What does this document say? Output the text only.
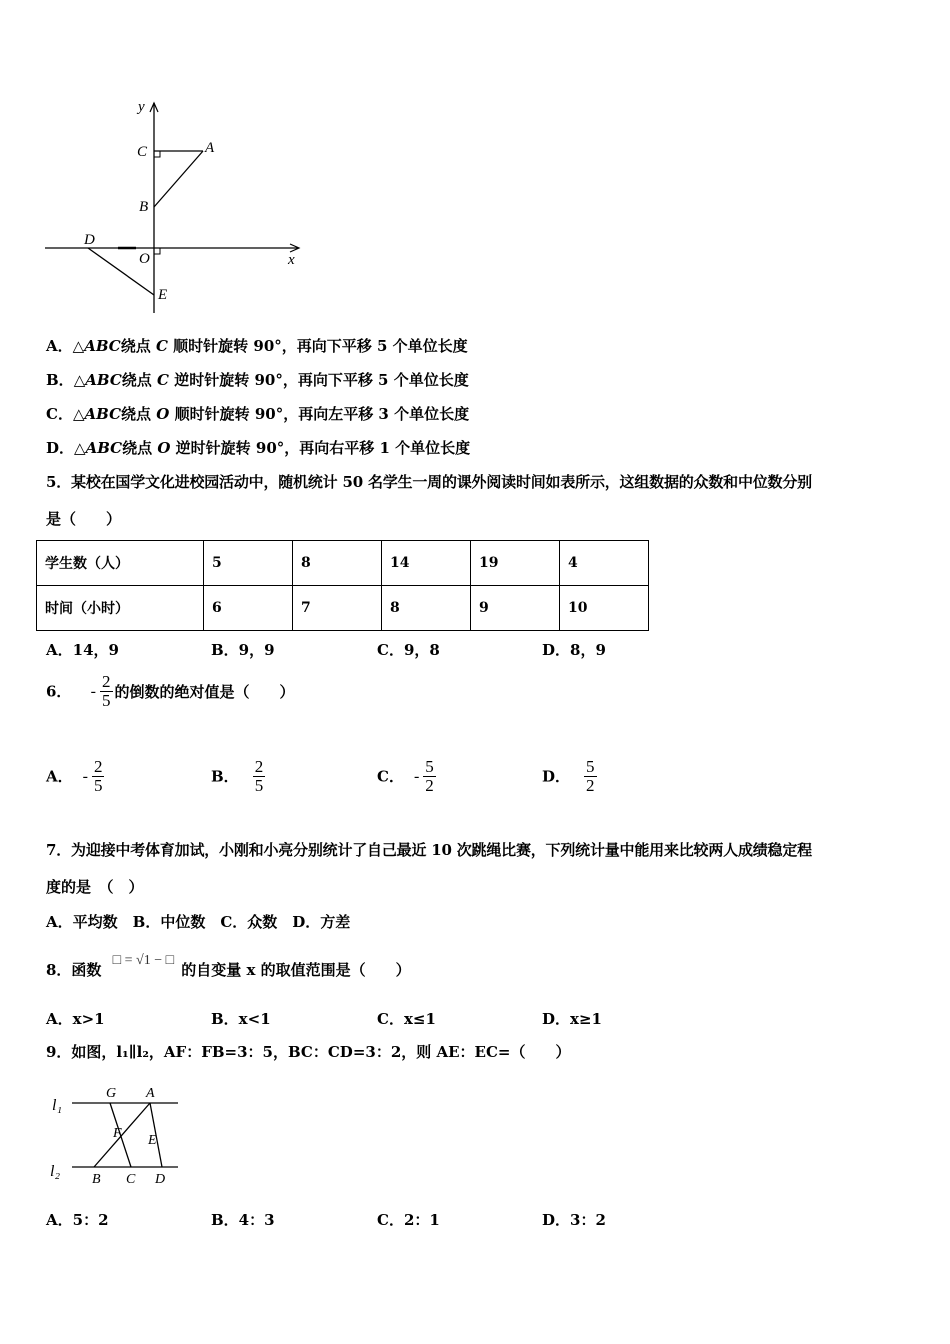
y
x
C	A
B
D
O
E
A．△ABC绕点 C 顺时针旋转 90°，再向下平移 5 个单位长度
B．△ABC绕点 C 逆时针旋转 90°，再向下平移 5 个单位长度
C．△ABC绕点 O 顺时针旋转 90°，再向左平移 3 个单位长度
D．△ABC绕点 O 逆时针旋转 90°，再向右平移 1 个单位长度
5．某校在国学文化进校园活动中，随机统计 50 名学生一周的课外阅读时间如表所示，这组数据的众数和中位数分别
是（　　）
学生数（人）	5	8	14	19	4
时间（小时）	6	7	8	9	10
A．14，9	B．9，9	C．9，8	D．8，9
6． - $\frac{2}{5}$ 的倒数的绝对值是（　　）
A． - $\frac{2}{5}$	B． $\frac{2}{5}$	C． - $\frac{5}{2}$	D． $\frac{5}{2}$
7．为迎接中考体育加试，小刚和小亮分别统计了自己最近 10 次跳绳比赛，下列统计量中能用来比较两人成绩稳定程
度的是　（　）
A．平均数　B．中位数　C．众数　D．方差
8．函数 □ = √1 − □ 的自变量 x 的取值范围是（　　）
A．x>1	B．x<1	C．x≤1	D．x≥1
9．如图，l₁∥l₂，AF：FB=3：5，BC：CD=3：2，则 AE：EC=（　　）
l₁
l₂
G A
F E
B C D
A．5：2	B．4：3	C．2：1	D．3：2
